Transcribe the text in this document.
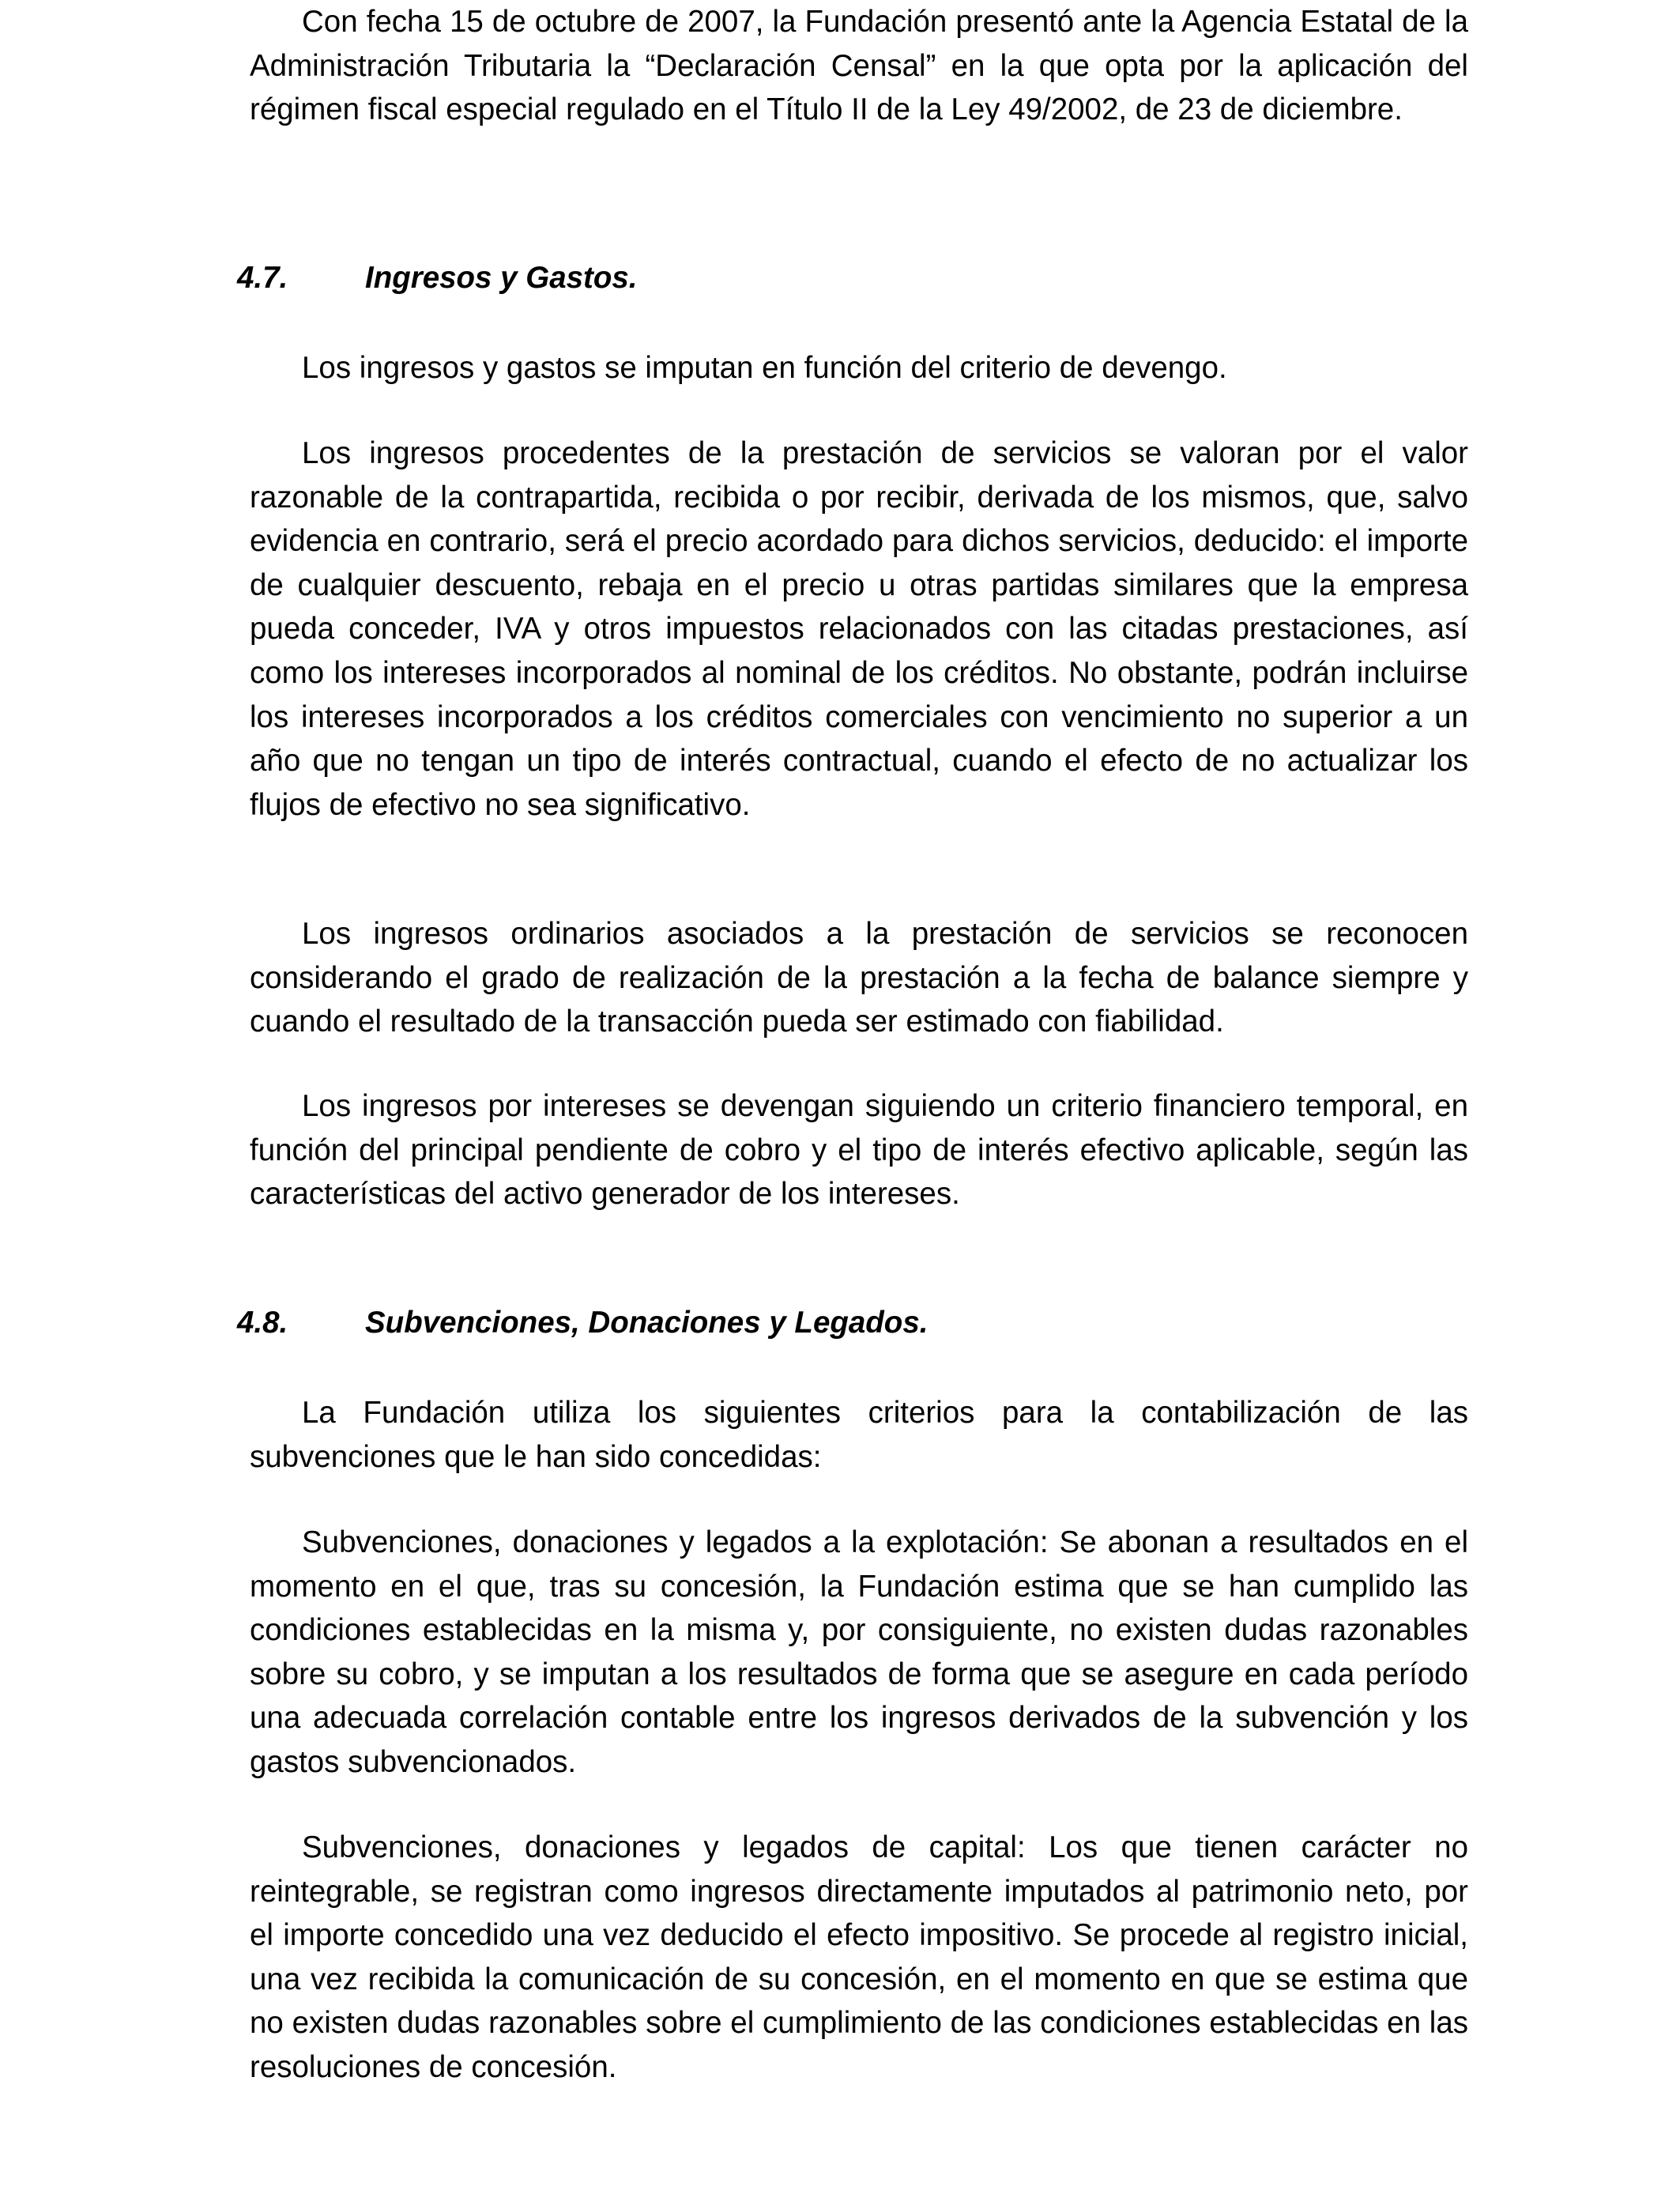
Con fecha 15 de octubre de 2007, la Fundación presentó ante la Agencia Estatal de la Administración Tributaria la “Declaración Censal” en la que opta por la aplicación del régimen fiscal especial regulado en el Título II de la Ley 49/2002, de 23 de diciembre.

4.7.	Ingresos y Gastos.

Los ingresos y gastos se imputan en función del criterio de devengo.

Los ingresos procedentes de la prestación de servicios se valoran por el valor razonable de la contrapartida, recibida o por recibir, derivada de los mismos, que, salvo evidencia en contrario, será el precio acordado para dichos servicios, deducido: el importe de cualquier descuento, rebaja en el precio u otras partidas similares que la empresa pueda conceder, IVA y otros impuestos relacionados con las citadas prestaciones, así como los intereses incorporados al nominal de los créditos. No obstante, podrán incluirse los intereses incorporados a los créditos comerciales con vencimiento no superior a un año que no tengan un tipo de interés contractual, cuando el efecto de no actualizar los flujos de efectivo no sea significativo.

Los ingresos ordinarios asociados a la prestación de servicios se reconocen considerando el grado de realización de la prestación a la fecha de balance siempre y cuando el resultado de la transacción pueda ser estimado con fiabilidad.

Los ingresos por intereses se devengan siguiendo un criterio financiero temporal, en función del principal pendiente de cobro y el tipo de interés efectivo aplicable, según las características del activo generador de los intereses.

4.8.	Subvenciones, Donaciones y Legados.

La Fundación utiliza los siguientes criterios para la contabilización de las subvenciones que le han sido concedidas:

Subvenciones, donaciones y legados a la explotación: Se abonan a resultados en el momento en el que, tras su concesión, la Fundación estima que se han cumplido las condiciones establecidas en la misma y, por consiguiente, no existen dudas razonables sobre su cobro, y se imputan a los resultados de forma que se asegure en cada período una adecuada correlación contable entre los ingresos derivados de la subvención y los gastos subvencionados.

Subvenciones, donaciones y legados de capital: Los que tienen carácter no reintegrable, se registran como ingresos directamente imputados al patrimonio neto, por el importe concedido una vez deducido el efecto impositivo. Se procede al registro inicial, una vez recibida la comunicación de su concesión, en el momento en que se estima que no existen dudas razonables sobre el cumplimiento de las condiciones establecidas en las resoluciones de concesión.
